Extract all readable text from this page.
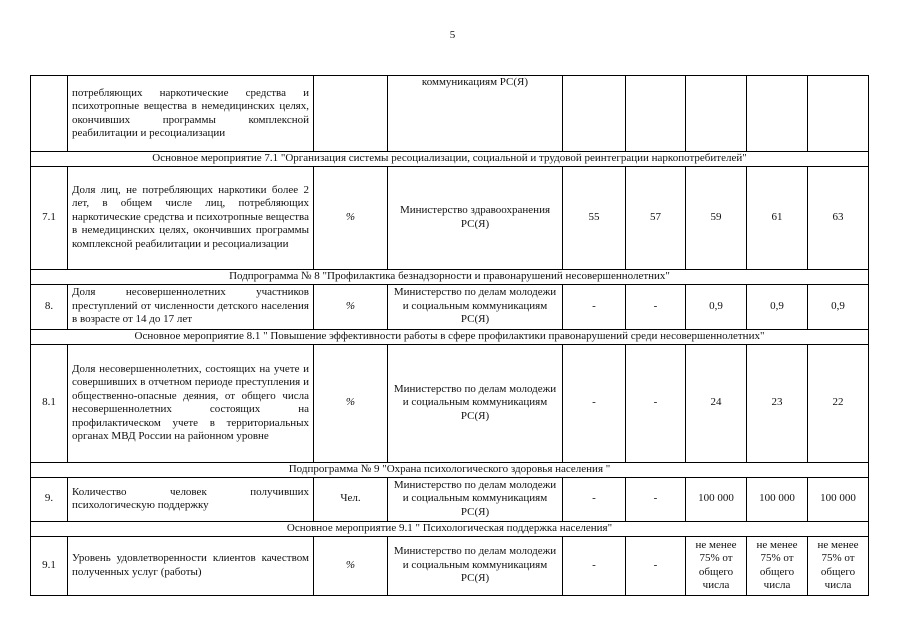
5
	потребляющих наркотические средства и психотропные вещества в немедицинских целях, окончивших программы комплексной реабилитации и ресоциализации		коммуникациям РС(Я)					
Основное мероприятие 7.1 "Организация системы ресоциализации, социальной и трудовой реинтеграции наркопотребителей"								
7.1	Доля лиц, не потребляющих наркотики более 2 лет, в общем числе лиц, потребляющих наркотические средства и психотропные вещества в немедицинских целях, окончивших программы комплексной реабилитации и ресоциализации	%	Министерство здравоохранения РС(Я)	55	57	59	61	63
Подпрограмма № 8 "Профилактика безнадзорности и правонарушений несовершеннолетних"								
8.	Доля несовершеннолетних участников преступлений от численности детского населения в возрасте от 14 до 17 лет	%	Министерство по делам молодежи и социальным коммуникациям РС(Я)	-	-	0,9	0,9	0,9
Основное мероприятие 8.1 " Повышение эффективности работы в сфере профилактики правонарушений среди несовершеннолетних"								
8.1	Доля несовершеннолетних, состоящих на учете и совершивших в отчетном периоде преступления и общественно-опасные деяния, от общего числа несовершеннолетних состоящих на профилактическом учете в территориальных органах МВД России на районном уровне	%	Министерство по делам молодежи и социальным коммуникациям РС(Я)	-	-	24	23	22
Подпрограмма № 9 "Охрана психологического здоровья населения "								
9.	Количество человек получивших психологическую поддержку	Чел.	Министерство по делам молодежи и социальным коммуникациям РС(Я)	-	-	100 000	100 000	100 000
Основное мероприятие 9.1 " Психологическая поддержка населения"								
9.1	Уровень удовлетворенности клиентов качеством полученных услуг (работы)	%	Министерство по делам молодежи и социальным коммуникациям РС(Я)	-	-	не менее 75% от общего числа	не менее 75% от общего числа	не менее 75% от общего числа
